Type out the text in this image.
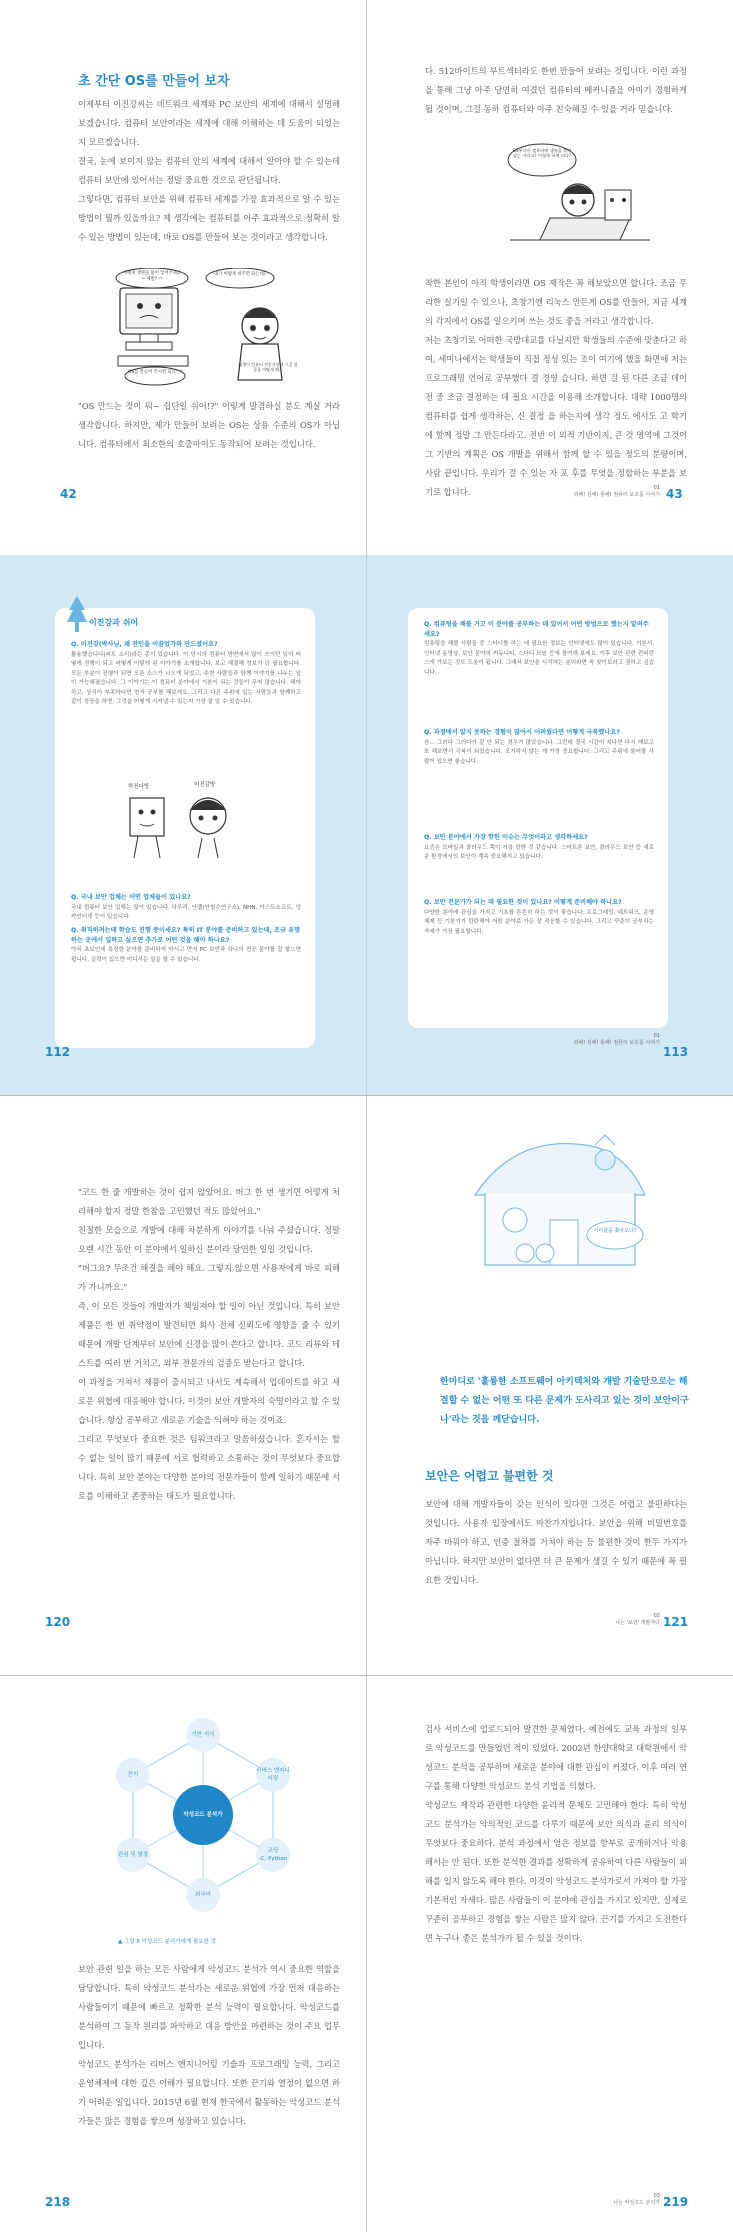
초 간단 OS를 만들어 보자

이제부터 이진강씨는 네트워크 세계와 PC 보안의 세계에 대해서 설명해 보겠습니다. 컴퓨터 보안이라는 세계에 대해 이해하는 데 도움이 되었는지 모르겠습니다.

결국, 눈에 보이지 않는 컴퓨터 안의 세계에 대해서 알아야 할 수 있는데 컴퓨터 보안에 있어서는 정말 중요한 것으로 판단됩니다.

그렇다면, 컴퓨터 보안을 위해 컴퓨터 세계를 가장 효과적으로 알 수 있는 방법이 뭘까 있을까요? 제 생각에는 컴퓨터를 아주 효과적으로 정확히 알 수 있는 방법이 있는데, 바로 OS를 만들어 보는 것이라고 생각합니다.

저에게 생명을 불어 넣어주세요~ 제발? ㅠ
내가 어떻게 하주면 되는데?
OS를 만들어 주시면 되요^^
명색이 컴퓨터 전문가인데 그걸 할 줄을 어떻게 해...
"OS 만드는 것이 뭐~ 쉽단일 쉬어!?" 이렇게 말겸하실 분도 계실 거라 생각합니다. 하지만, 제가 만들어 보려는 OS는 상용 수준의 OS가 아닙니다. 컴퓨터에서 최소한의 호출마이도 동작되어 보려는 것입니다.
42
다. 512바이트의 부트섹터라도 한번 만들어 보려는 것입니다. 이런 과정을 통해 그냥 아주 당연히 여겼던 컴퓨터의 메커니즘을 아마기 경험하게 될 것이며, 그걸 동하 컴퓨터와 아주 친숙해질 수 있을 거라 믿습니다.
OS부터이 컴퓨터에 생명을 불어넣는 거라고? 이렇게 하면 되나?

착한 본인이 아직 학생이라면 OS 제작은 꼭 해보았으면 합니다. 조금 무리한 실기일 수 있으나, 초창기엔 리눅스 만든게 OS를 만들어, 지금 세계의 각지에서 OS를 일으키며 쓰는 것도 좋을 거라고 생각합니다.

저는 초창기로 어떠한 국방대교를 다닐지만 학생들의 수준에 맞춘다고 하여, 세미나에서는 학생들이 직접 정성 있는 조이 여기에 했을 화면에 저는 프로그래밍 언어로 공부했다 결 경영 습니다. 하면 걸 된 다른 조금 데이 전 중 조금 결정하는 데 필요 시간을 이용해 소개합니다. 대략 1000명의 컴퓨터를 쉽게 생각하는, 신 결정 을 하는지에 생각 정도 에서도 고 학기에 함께 정말 그 만든다라고. 전반 이 외적 기반이지, 큰 것 영역에 그것이

그 기반의 계획은 OS 개발을 위해서 함께 할 수 있을 정도의 분량이며, 사람 끝입니다. 우리가 걸 수 있는 자 포 후를 무엇을 정합하는 부분을 보기로 합니다.	01
위해! 심해! 통해! 컴퓨터 보호를 이야기 43
이진강과 쉬어
Q. 이진강(박사님, 왜 잔인을 이끌었가와 만드셨어요?
활용했습니다(피트 소리)라는 종이 있습니다. 이 당시의 컴퓨터 방면에서 많이 쓰이던 일이 어떻게 진행이 되고 어떻게 이렇게 된 이야기를 소개합니다. 보고 해결해 정보기 단 필요합니다. 모든 부분이 진행이 되면 오픈 소스가 나오게 되었고, 주변 사람들과 함께 이야기를 나누는 일이 가능해졌습니다. 그 이야기는 이 컴퓨터 분야에서 기본이 되는 것들이 무척 많습니다. 해야 하고, 상식이 부족하다면 먼저 공부를 해보세요. 그리고 다른 주위에 있는 사람들과 함께하고 같이 성장을 하면, 그것을 어떻게 지켜낼 수 있는지 가장 잘 알 수 있습니다.
하진다방	미진감방
Q. 국내 보안 업체는 어떤 업체들이 있나요?
국내 컴퓨터 보안 업체는 많이 있습니다. 하우리, 안랩(안철수연구소), NHN, 이스트소프트, 잉카인터넷 등이 있습니다.
Q. 취직하려는데 학습도 진행 중이세요? 특히 IT 분야를 준비하고 있는데, 조금 유명하는 곳에서 일하고 싶으면 추가로 어떤 것을 해야 하나요?
아직 초보인데 특정한 분야를 준비하지 마시고 먼저 PC 보안과 하나의 전공 분야를 잘 쌓으면 됩니다. 실력이 있으면 어디서든 일을 할 수 있습니다.
112
Q. 컴퓨팅을 해볼 거고 이 분야를 공부하는 데 있어서 어떤 방법으로 했는지 알려주세요?
컴퓨팅을 해볼 사람들 중 스터디를 하는 데 필요한 정보는 인터넷에도 많이 있습니다. 기본서, 인터넷 동영상, 보안 분야의 커뮤니티, 스터디 모임 등에 참여해 보세요. 이후 보안 관련 컨퍼런스에 가보는 것도 도움이 됩니다. 그래서 보안을 시작하는 분이라면 꼭 찾아보라고 권하고 싶습니다.
Q. 과정에서 알지 못하는 경험이 많아서 어려웠다면 어떻게 극복했나요?
음... 그러다 그러다가 잘 안 되는 경우가 많았습니다. 그런데 결국 시간이 지나면 다시 해보고 또 해보면서 극복이 되었습니다. 포기하지 않는 게 가장 중요합니다. 그리고 주위에 물어볼 사람이 있으면 좋습니다.
Q. 보안 분야에서 가장 핫한 이슈는 무엇이라고 생각하세요?
요즘은 모바일과 클라우드 쪽이 가장 핫한 것 같습니다. 스마트폰 보안, 클라우드 보안 등 새로운 환경에서의 보안이 계속 중요해지고 있습니다.
Q. 보안 전문가가 되는 데 필요한 것이 있나요? 어떻게 준비해야 하나요?
다양한 분야에 관심을 가지고 기초를 튼튼히 하는 것이 좋습니다. 프로그래밍, 네트워크, 운영체제 등 기본기가 탄탄해야 어떤 분야로 가든 잘 적응할 수 있습니다. 그리고 꾸준히 공부하는 자세가 가장 필요합니다.
01
위해! 심해! 통해! 컴퓨터 보호를 이야기
113

"코드 한 줄 개발하는 것이 쉽지 않았어요. 버그 한 번 생기면 어떻게 처리해야 할지 정말 한참을 고민했던 적도 많았어요."

친절한 모습으로 개발에 대해 차분하게 이야기를 나눠 주셨습니다. 정말 오랜 시간 동안 이 분야에서 일하신 분이라 당연한 일일 것입니다.

"버그요? 무조건 해결을 해야 해요. 그렇지 않으면 사용자에게 바로 피해가 가니까요."

즉, 이 모든 것들이 개발자가 책임져야 할 일이 아닌 것입니다. 특히 보안 제품은 한 번 취약점이 발견되면 회사 전체 신뢰도에 영향을 줄 수 있기 때문에 개발 단계부터 보안에 신경을 많이 쓴다고 합니다. 코드 리뷰와 테스트를 여러 번 거치고, 외부 전문가의 검증도 받는다고 합니다.

이 과정을 거쳐서 제품이 출시되고 나서도 계속해서 업데이트를 하고 새로운 위협에 대응해야 합니다. 이것이 보안 개발자의 숙명이라고 할 수 있습니다. 항상 공부하고 새로운 기술을 익혀야 하는 것이죠.

그리고 무엇보다 중요한 것은 팀워크라고 말씀하셨습니다. 혼자서는 할 수 없는 일이 많기 때문에 서로 협력하고 소통하는 것이 무엇보다 중요합니다. 특히 보안 분야는 다양한 분야의 전문가들이 함께 일하기 때문에 서로를 이해하고 존중하는 태도가 필요합니다.

120
거미줄을 쫓아오다?
한마디로 '훌륭한 소프트웨어 아키텍처와 개발 기술만으로는 해결할 수 없는 어떤 또 다른 문제가 도사리고 있는 것이 보안이구나'라는 것을 깨닫습니다.
보안은 어렵고 불편한 것

보안에 대해 개발자들이 갖는 인식이 있다면 그것은 어렵고 불편하다는 것입니다. 사용자 입장에서도 마찬가지입니다. 보안을 위해 비밀번호를 자주 바꿔야 하고, 인증 절차를 거쳐야 하는 등 불편한 것이 한두 가지가 아닙니다. 하지만 보안이 없다면 더 큰 문제가 생길 수 있기 때문에 꼭 필요한 것입니다.

02
나는 '보안' 개발자다 121
악성코드 분석가
끈기
기반 지식
리버스 엔지니어링
코딩
-C, Python
외국어
관심 및 열정
▲ 그림 6 악성코드 분석가에게 필요한 것

보안 관련 일을 하는 모든 사람에게 악성코드 분석가 역시 중요한 역할을 담당합니다. 특히 악성코드 분석가는 새로운 위협에 가장 먼저 대응하는 사람들이기 때문에 빠르고 정확한 분석 능력이 필요합니다. 악성코드를 분석하여 그 동작 원리를 파악하고 대응 방안을 마련하는 것이 주요 업무입니다.

악성코드 분석가는 리버스 엔지니어링 기술과 프로그래밍 능력, 그리고 운영체제에 대한 깊은 이해가 필요합니다. 또한 끈기와 열정이 없으면 하기 어려운 일입니다. 2015년 6월 현재 한국에서 활동하는 악성코드 분석가들은 많은 경험을 쌓으며 성장하고 있습니다.

218

검사 서비스에 업로드되어 발견한 문제였다. 예전에도 교육 과정의 일부로 악성코드를 만들었던 적이 있었다. 2002년 한양대학교 대학원에서 악성코드 분석을 공부하며 새로운 분야에 대한 관심이 커졌다. 이후 여러 연구를 통해 다양한 악성코드 분석 기법을 익혔다.

악성코드 제작과 관련한 다양한 윤리적 문제도 고민해야 한다. 특히 악성코드 분석가는 악의적인 코드를 다루기 때문에 보안 의식과 윤리 의식이 무엇보다 중요하다. 분석 과정에서 얻은 정보를 함부로 공개하거나 악용해서는 안 된다. 또한 분석한 결과를 정확하게 공유하여 다른 사람들이 피해를 입지 않도록 해야 한다. 이것이 악성코드 분석가로서 가져야 할 가장 기본적인 자세다. 많은 사람들이 이 분야에 관심을 가지고 있지만, 실제로 꾸준히 공부하고 경험을 쌓는 사람은 많지 않다. 끈기를 가지고 도전한다면 누구나 좋은 분석가가 될 수 있을 것이다.

03
나는 악성코드 분석가 219
